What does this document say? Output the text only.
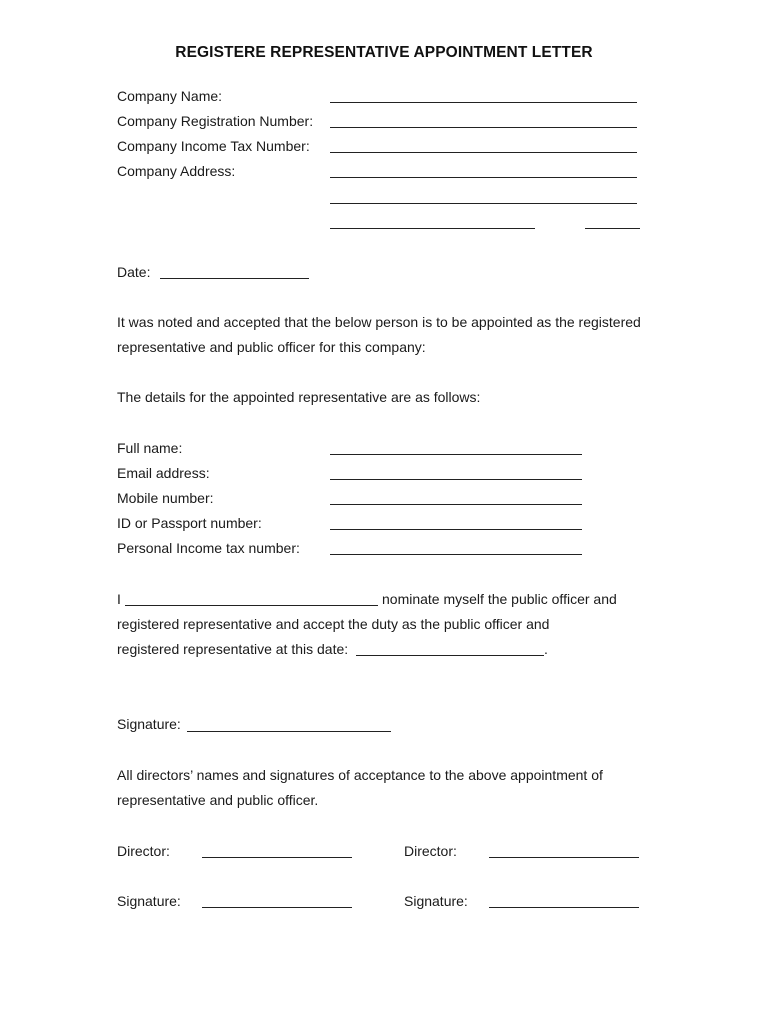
REGISTERE REPRESENTATIVE APPOINTMENT LETTER
Company Name:
Company Registration Number:
Company Income Tax Number:
Company Address:
Date:
It was noted and accepted that the below person is to be appointed as the registered
representative and public officer for this company:
The details for the appointed representative are as follows:
Full name:
Email address:
Mobile number:
ID or Passport number:
Personal Income tax number:
I	nominate myself the public officer and
registered representative and accept the duty as the public officer and
registered representative at this date:	.
Signature:
All directors’ names and signatures of acceptance to the above appointment of
representative and public officer.
Director:	Director:
Signature:	Signature:
